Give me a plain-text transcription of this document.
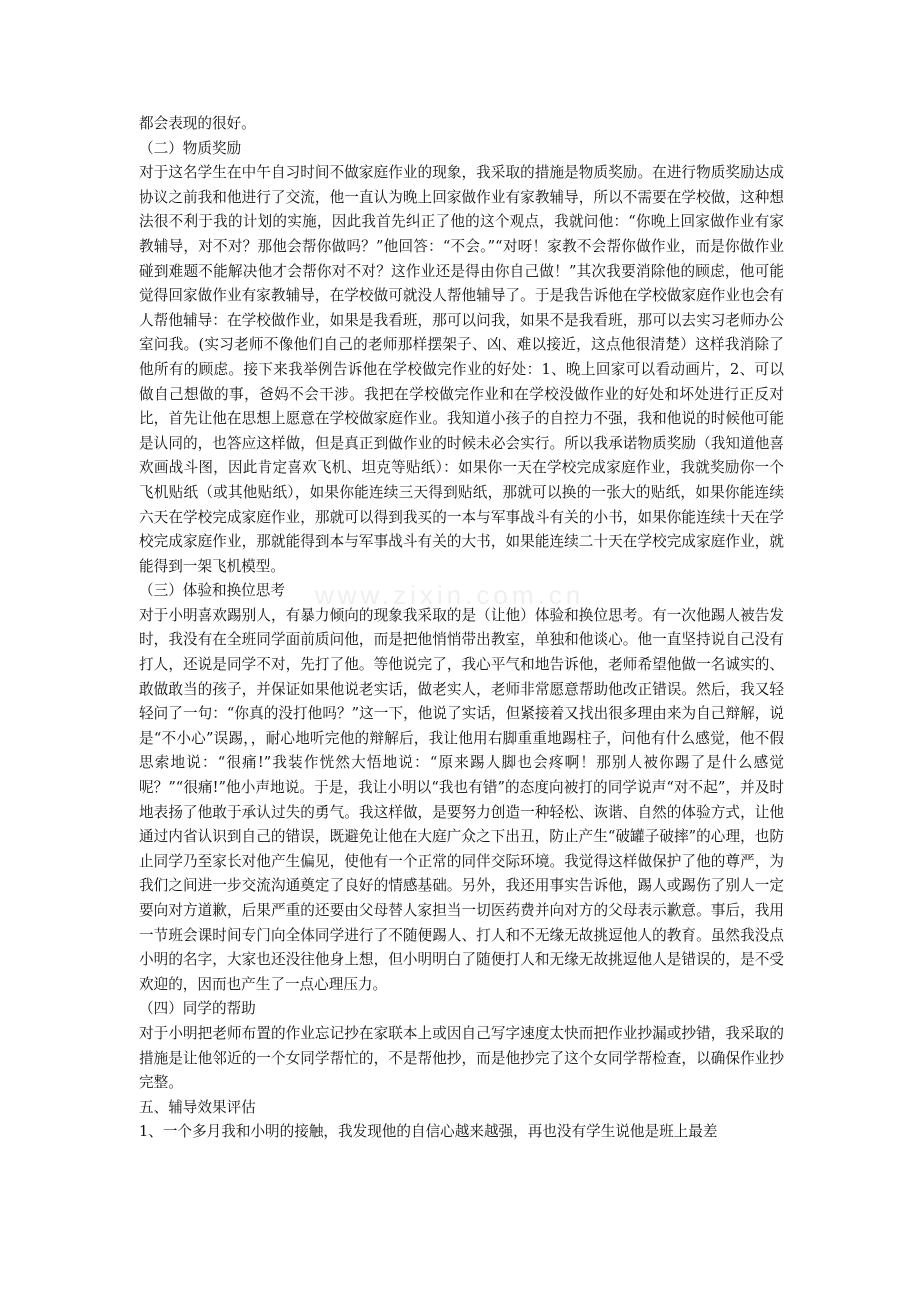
www.zixin.com.cn

都会表现的很好。

（二）物质奖励

对于这名学生在中午自习时间不做家庭作业的现象，我采取的措施是物质奖励。在进行物质奖励达成协议之前我和他进行了交流，他一直认为晚上回家做作业有家教辅导，所以不需要在学校做，这种想法很不利于我的计划的实施，因此我首先纠正了他的这个观点，我就问他：“你晚上回家做作业有家教辅导，对不对？那他会帮你做吗？”他回答：“不会。”“对呀！家教不会帮你做作业，而是你做作业碰到难题不能解决他才会帮你对不对？这作业还是得由你自己做！”其次我要消除他的顾虑，他可能觉得回家做作业有家教辅导，在学校做可就没人帮他辅导了。于是我告诉他在学校做家庭作业也会有人帮他辅导：在学校做作业，如果是我看班，那可以问我，如果不是我看班，那可以去实习老师办公室问我。(实习老师不像他们自己的老师那样摆架子、凶、难以接近，这点他很清楚）这样我消除了他所有的顾虑。接下来我举例告诉他在学校做完作业的好处：1、晚上回家可以看动画片，2、可以做自己想做的事，爸妈不会干涉。我把在学校做完作业和在学校没做作业的好处和坏处进行正反对比，首先让他在思想上愿意在学校做家庭作业。我知道小孩子的自控力不强，我和他说的时候他可能是认同的，也答应这样做，但是真正到做作业的时候未必会实行。所以我承诺物质奖励（我知道他喜欢画战斗图，因此肯定喜欢飞机、坦克等贴纸）：如果你一天在学校完成家庭作业，我就奖励你一个飞机贴纸（或其他贴纸），如果你能连续三天得到贴纸，那就可以换的一张大的贴纸，如果你能连续六天在学校完成家庭作业，那就可以得到我买的一本与军事战斗有关的小书，如果你能连续十天在学校完成家庭作业，那就能得到本与军事战斗有关的大书，如果能连续二十天在学校完成家庭作业，就能得到一架飞机模型。

（三）体验和换位思考

对于小明喜欢踢别人，有暴力倾向的现象我采取的是（让他）体验和换位思考。有一次他踢人被告发时，我没有在全班同学面前质问他，而是把他悄悄带出教室，单独和他谈心。他一直坚持说自己没有打人，还说是同学不对，先打了他。等他说完了，我心平气和地告诉他，老师希望他做一名诚实的、敢做敢当的孩子，并保证如果他说老实话，做老实人，老师非常愿意帮助他改正错误。然后，我又轻轻问了一句：“你真的没打他吗？”这一下，他说了实话，但紧接着又找出很多理由来为自己辩解，说是“不小心”误踢，，耐心地听完他的辩解后，我让他用右脚重重地踢柱子，问他有什么感觉，他不假思索地说：“很痛!”我装作恍然大悟地说：“原来踢人脚也会疼啊！那别人被你踢了是什么感觉呢？”“很痛!”他小声地说。于是，我让小明以“我也有错”的态度向被打的同学说声“对不起”，并及时地表扬了他敢于承认过失的勇气。我这样做，是要努力创造一种轻松、诙谐、自然的体验方式，让他通过内省认识到自己的错误，既避免让他在大庭广众之下出丑，防止产生“破罐子破摔”的心理，也防止同学乃至家长对他产生偏见，使他有一个正常的同伴交际环境。我觉得这样做保护了他的尊严，为我们之间进一步交流沟通奠定了良好的情感基础。另外，我还用事实告诉他，踢人或踢伤了别人一定要向对方道歉，后果严重的还要由父母替人家担当一切医药费并向对方的父母表示歉意。事后，我用一节班会课时间专门向全体同学进行了不随便踢人、打人和不无缘无故挑逗他人的教育。虽然我没点小明的名字，大家也还没往他身上想，但小明明白了随便打人和无缘无故挑逗他人是错误的，是不受欢迎的，因而也产生了一点心理压力。

（四）同学的帮助

对于小明把老师布置的作业忘记抄在家联本上或因自己写字速度太快而把作业抄漏或抄错，我采取的措施是让他邻近的一个女同学帮忙的，不是帮他抄，而是他抄完了这个女同学帮检查，以确保作业抄完整。

五、辅导效果评估

1、一个多月我和小明的接触，我发现他的自信心越来越强，再也没有学生说他是班上最差
